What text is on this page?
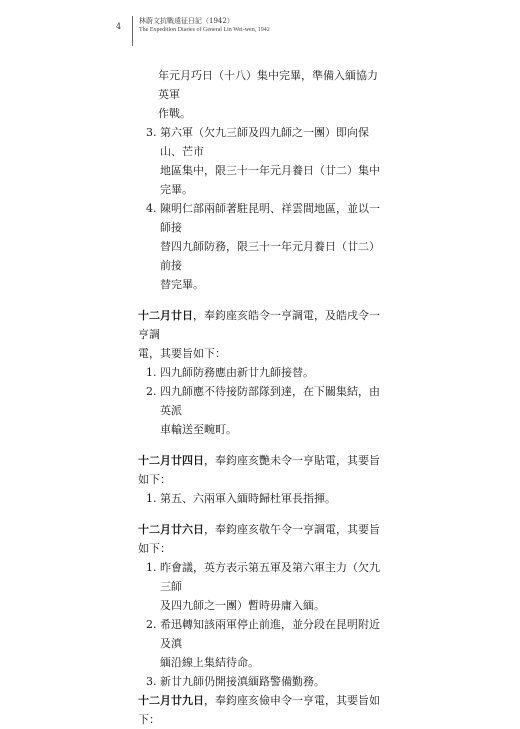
4
林蔚文抗戰遠征日記（1942）
The Expedition Diaries of General Lin Wei-wen, 1942

年元月巧日（十八）集中完畢，準備入緬協力英軍

作戰。

3. 第六軍（欠九三師及四九師之一團）即向保山、芒市
地區集中，限三十一年元月養日（廿二）集中完畢。
4. 陳明仁部兩師著駐昆明、祥雲間地區，並以一師接
替四九師防務，限三十一年元月養日（廿二）前接
替完畢。

十二月廿日，奉鈞座亥皓令一亨調電，及皓戌令一亨調
電，其要旨如下：

1. 四九師防務應由新廿九師接替。
2. 四九師應不待接防部隊到達，在下關集結，由英派
車輸送至畹町。

十二月廿四日，奉鈞座亥艷未令一亨貼電，其要旨如下：

1. 第五、六兩軍入緬時歸杜軍長指揮。

十二月廿六日，奉鈞座亥敬午令一亨調電，其要旨如下：

1. 昨會議，英方表示第五軍及第六軍主力（欠九三師
及四九師之一團）暫時毋庸入緬。
2. 希迅轉知該兩軍停止前進，並分段在昆明附近及滇
緬沿線上集結待命。
3. 新廿九師仍開接滇緬路警備勤務。

十二月廿九日，奉鈞座亥儉申令一亨電，其要旨如下：
